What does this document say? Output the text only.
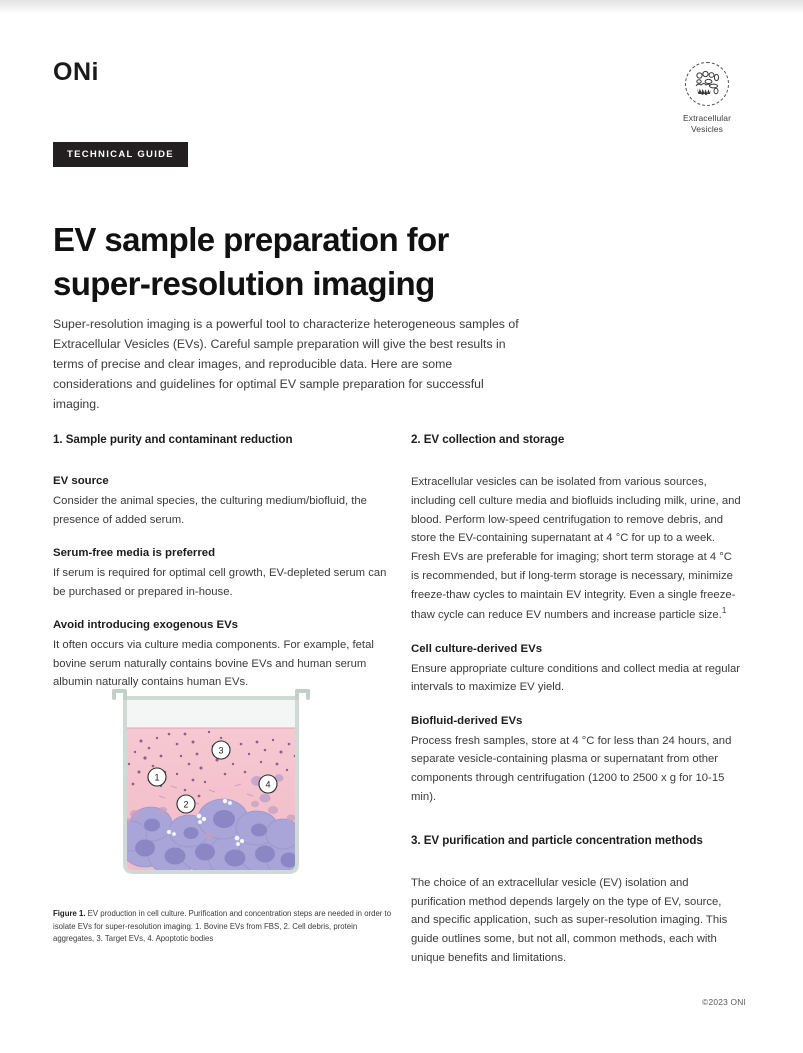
ONi
Extracellular
Vesicles
TECHNICAL GUIDE
EV sample preparation for
super-resolution imaging

Super-resolution imaging is a powerful tool to characterize heterogeneous samples of Extracellular Vesicles (EVs). Careful sample preparation will give the best results in terms of precise and clear images, and reproducible data. Here are some considerations and guidelines for optimal EV sample preparation for successful imaging.

1. Sample purity and contaminant reduction
EV source

Consider the animal species, the culturing medium/biofluid, the presence of added serum.

Serum-free media is preferred

If serum is required for optimal cell growth, EV-depleted serum can be purchased or prepared in-house.

Avoid introducing exogenous EVs

It often occurs via culture media components. For example, fetal bovine serum naturally contains bovine EVs and human serum albumin naturally contains human EVs.

2. EV collection and storage

Extracellular vesicles can be isolated from various sources, including cell culture media and biofluids including milk, urine, and blood. Perform low-speed centrifugation to remove debris, and store the EV-containing supernatant at 4 °C for up to a week. Fresh EVs are preferable for imaging; short term storage at 4 °C is recommended, but if long-term storage is necessary, minimize freeze-thaw cycles to maintain EV integrity. Even a single freeze-thaw cycle can reduce EV numbers and increase particle size.$^1$

Cell culture-derived EVs

Ensure appropriate culture conditions and collect media at regular intervals to maximize EV yield.

Biofluid-derived EVs

Process fresh samples, store at 4 °C for less than 24 hours, and separate vesicle-containing plasma or supernatant from other components through centrifugation (1200 to 2500 x g for 10-15 min).

3. EV purification and particle concentration methods

The choice of an extracellular vesicle (EV) isolation and purification method depends largely on the type of EV, source, and specific application, such as super-resolution imaging. This guide outlines some, but not all, common methods, each with unique benefits and limitations.

1
2
3
4

Figure 1. EV production in cell culture. Purification and concentration steps are needed in order to isolate EVs for super-resolution imaging. 1. Bovine EVs from FBS, 2. Cell debris, protein aggregates, 3. Target EVs, 4. Apoptotic bodies

©2023 ONI
